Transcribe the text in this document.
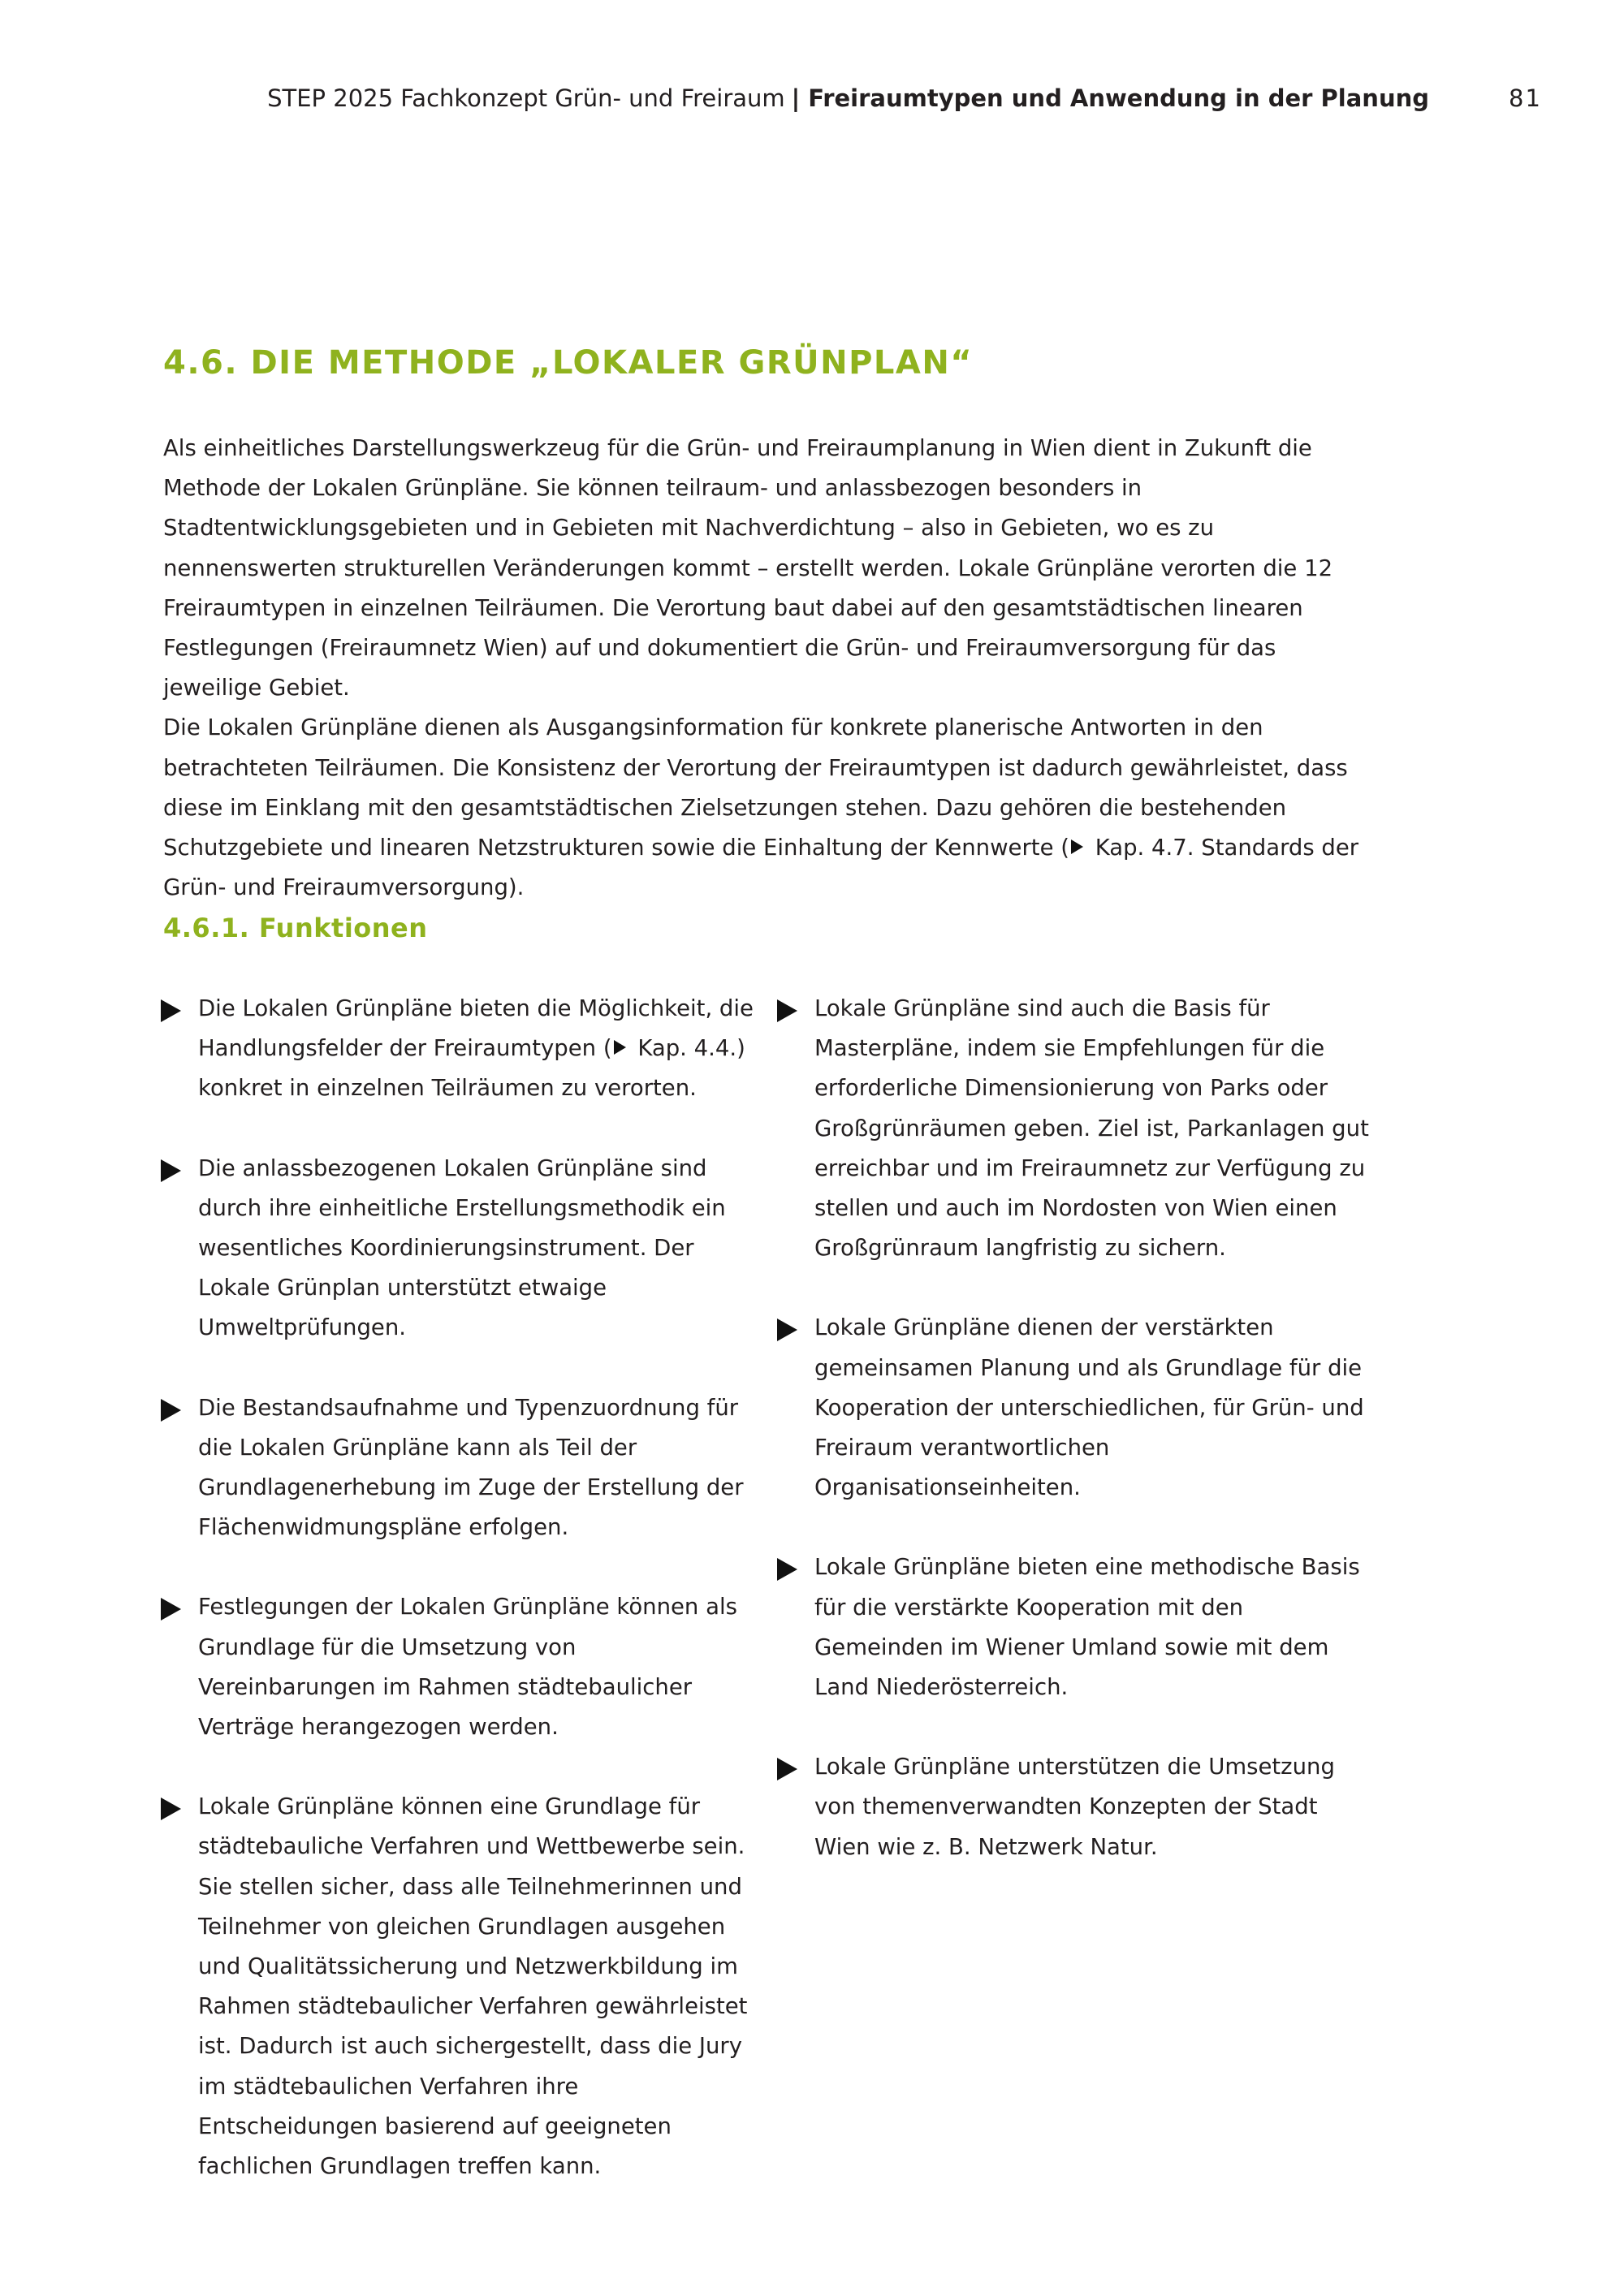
STEP 2025 Fachkonzept Grün- und Freiraum | Freiraumtypen und Anwendung in der Planung	81
4.6. DIE METHODE „LOKALER GRÜNPLAN“

Als einheitliches Darstellungswerkzeug für die Grün- und Freiraumplanung in Wien dient in Zukunft die Methode der Lokalen Grünpläne. Sie können teilraum- und anlassbezogen besonders in Stadtentwicklungsgebieten und in Gebieten mit Nachverdichtung – also in Gebieten, wo es zu nennenswerten strukturellen Veränderungen kommt – erstellt werden. Lokale Grünpläne verorten die 12 Freiraumtypen in einzelnen Teilräumen. Die Verortung baut dabei auf den gesamtstädtischen linearen Festlegungen (Freiraumnetz Wien) auf und dokumentiert die Grün- und Freiraumversorgung für das jeweilige Gebiet.

Die Lokalen Grünpläne dienen als Ausgangsinformation für konkrete planerische Antworten in den betrachteten Teilräumen. Die Konsistenz der Verortung der Freiraumtypen ist dadurch gewährleistet, dass diese im Einklang mit den gesamtstädtischen Zielsetzungen stehen. Dazu gehören die bestehenden Schutzgebiete und linearen Netzstrukturen sowie die Einhaltung der Kennwerte ( Kap. 4.7. Standards der Grün- und Freiraumversorgung).

4.6.1. Funktionen
Die Lokalen Grünpläne bieten die Möglichkeit, die Handlungsfelder der Freiraumtypen ( Kap. 4.4.) konkret in einzelnen Teilräumen zu verorten.
Die anlassbezogenen Lokalen Grünpläne sind durch ihre einheitliche Erstellungsmethodik ein wesentliches Koordinierungsinstrument. Der Lokale Grünplan unterstützt etwaige Umweltprüfungen.
Die Bestandsaufnahme und Typenzuordnung für die Lokalen Grünpläne kann als Teil der Grundlagenerhebung im Zuge der Erstellung der Flächenwidmungspläne erfolgen.
Festlegungen der Lokalen Grünpläne können als Grundlage für die Umsetzung von Vereinbarungen im Rahmen städtebaulicher Verträge herangezogen werden.
Lokale Grünpläne können eine Grundlage für städtebauliche Verfahren und Wettbewerbe sein. Sie stellen sicher, dass alle Teilnehmerinnen und Teilnehmer von gleichen Grundlagen ausgehen und Qualitätssicherung und Netzwerkbildung im Rahmen städtebaulicher Verfahren gewährleistet ist. Dadurch ist auch sichergestellt, dass die Jury im städtebaulichen Verfahren ihre Entscheidungen basierend auf geeigneten fachlichen Grundlagen treffen kann.
Lokale Grünpläne sind auch die Basis für Masterpläne, indem sie Empfehlungen für die erforderliche Dimensionierung von Parks oder Großgrünräumen geben. Ziel ist, Parkanlagen gut erreichbar und im Freiraumnetz zur Verfügung zu stellen und auch im Nordosten von Wien einen Großgrünraum langfristig zu sichern.
Lokale Grünpläne dienen der verstärkten gemeinsamen Planung und als Grundlage für die Kooperation der unterschiedlichen, für Grün- und Freiraum verantwortlichen Organisationseinheiten.
Lokale Grünpläne bieten eine methodische Basis für die verstärkte Kooperation mit den Gemeinden im Wiener Umland sowie mit dem Land Niederösterreich.
Lokale Grünpläne unterstützen die Umsetzung von themenverwandten Konzepten der Stadt Wien wie z. B. Netzwerk Natur.
